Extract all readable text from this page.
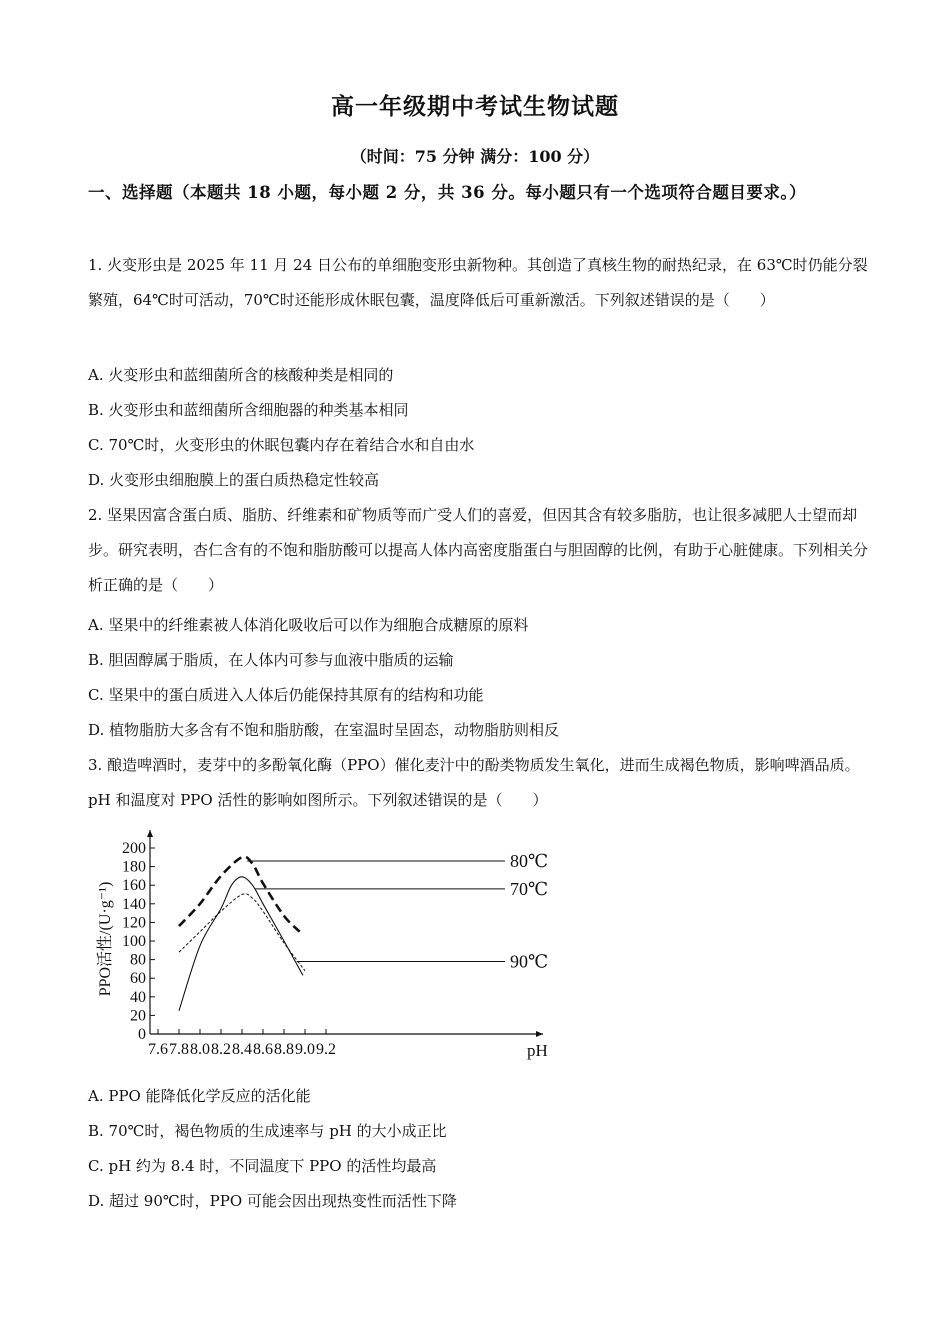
高一年级期中考试生物试题
（时间：75 分钟 满分：100 分）
一、选择题（本题共 18 小题，每小题 2 分，共 36 分。每小题只有一个选项符合题目要求。）
1. 火变形虫是 2025 年 11 月 24 日公布的单细胞变形虫新物种。其创造了真核生物的耐热纪录，在 63℃时仍能分裂繁殖，64℃时可活动，70℃时还能形成休眠包囊，温度降低后可重新激活。下列叙述错误的是（　　）
A. 火变形虫和蓝细菌所含的核酸种类是相同的
B. 火变形虫和蓝细菌所含细胞器的种类基本相同
C. 70℃时，火变形虫的休眠包囊内存在着结合水和自由水
D. 火变形虫细胞膜上的蛋白质热稳定性较高
2. 坚果因富含蛋白质、脂肪、纤维素和矿物质等而广受人们的喜爱，但因其含有较多脂肪，也让很多减肥人士望而却步。研究表明，杏仁含有的不饱和脂肪酸可以提高人体内高密度脂蛋白与胆固醇的比例，有助于心脏健康。下列相关分析正确的是（　　）
A. 坚果中的纤维素被人体消化吸收后可以作为细胞合成糖原的原料
B. 胆固醇属于脂质，在人体内可参与血液中脂质的运输
C. 坚果中的蛋白质进入人体后仍能保持其原有的结构和功能
D. 植物脂肪大多含有不饱和脂肪酸，在室温时呈固态，动物脂肪则相反
3. 酿造啤酒时，麦芽中的多酚氧化酶（PPO）催化麦汁中的酚类物质发生氧化，进而生成褐色物质，影响啤酒品质。pH 和温度对 PPO 活性的影响如图所示。下列叙述错误的是（　　）
0
20
40
60
80
100
120
140
160
180
200
7.6 7.8 8.0 8.2 8.4 8.6 8.8 9.0 9.2	pH
PPO活性/(U·g⁻¹)
80℃
70℃
90℃
A. PPO 能降低化学反应的活化能
B. 70℃时，褐色物质的生成速率与 pH 的大小成正比
C. pH 约为 8.4 时，不同温度下 PPO 的活性均最高
D. 超过 90℃时，PPO 可能会因出现热变性而活性下降
